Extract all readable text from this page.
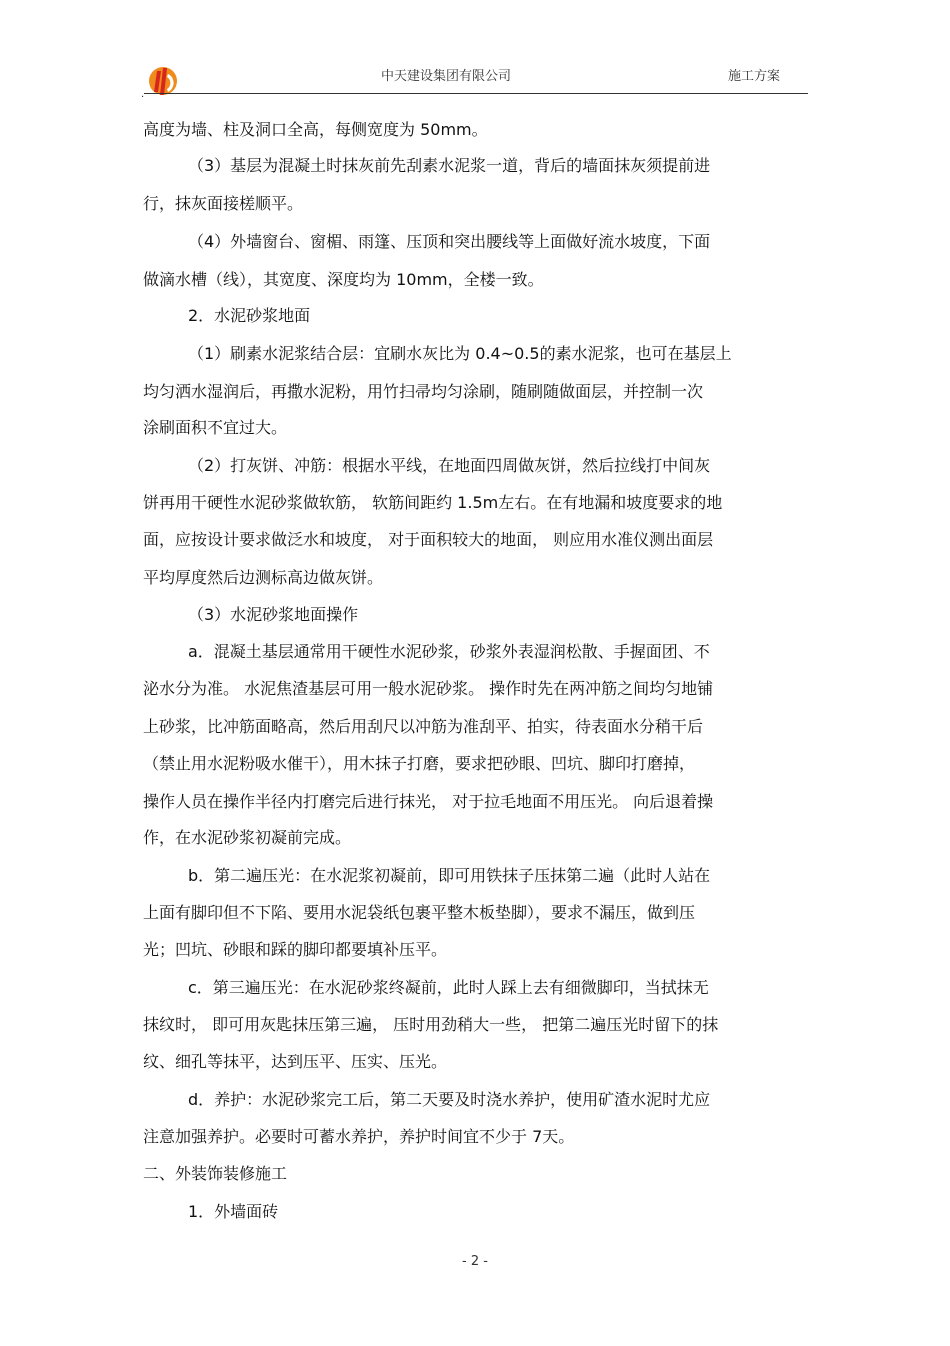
.
中天建设集团有限公司	施工方案
高度为墙、柱及洞口全高，每侧宽度为 50mm。
（3）基层为混凝土时抹灰前先刮素水泥浆一道，背后的墙面抹灰须提前进
行，抹灰面接槎顺平。
（4）外墙窗台、窗楣、雨篷、压顶和突出腰线等上面做好流水坡度，下面
做滴水槽（线），其宽度、深度均为 10mm，全楼一致。
2．水泥砂浆地面
（1）刷素水泥浆结合层：宜刷水灰比为 0.4~0.5的素水泥浆，也可在基层上
均匀洒水湿润后，再撒水泥粉，用竹扫帚均匀涂刷，随刷随做面层，并控制一次
涂刷面积不宜过大。
（2）打灰饼、冲筋：根据水平线，在地面四周做灰饼，然后拉线打中间灰
饼再用干硬性水泥砂浆做软筋， 软筋间距约 1.5m左右。在有地漏和坡度要求的地
面，应按设计要求做泛水和坡度， 对于面积较大的地面， 则应用水准仪测出面层
平均厚度然后边测标高边做灰饼。
（3）水泥砂浆地面操作
a．混凝土基层通常用干硬性水泥砂浆，砂浆外表湿润松散、手握面团、不
泌水分为准。 水泥焦渣基层可用一般水泥砂浆。 操作时先在两冲筋之间均匀地铺
上砂浆，比冲筋面略高，然后用刮尺以冲筋为准刮平、拍实，待表面水分稍干后
（禁止用水泥粉吸水催干），用木抹子打磨，要求把砂眼、凹坑、脚印打磨掉，
操作人员在操作半径内打磨完后进行抹光， 对于拉毛地面不用压光。 向后退着操
作，在水泥砂浆初凝前完成。
b．第二遍压光：在水泥浆初凝前，即可用铁抹子压抹第二遍（此时人站在
上面有脚印但不下陷、要用水泥袋纸包裹平整木板垫脚），要求不漏压，做到压
光；凹坑、砂眼和踩的脚印都要填补压平。
c．第三遍压光：在水泥砂浆终凝前，此时人踩上去有细微脚印，当拭抹无
抹纹时， 即可用灰匙抹压第三遍， 压时用劲稍大一些， 把第二遍压光时留下的抹
纹、细孔等抹平，达到压平、压实、压光。
d．养护：水泥砂浆完工后，第二天要及时浇水养护，使用矿渣水泥时尤应
注意加强养护。必要时可蓄水养护，养护时间宜不少于 7天。
二、外装饰装修施工
1．外墙面砖
- 2 -
